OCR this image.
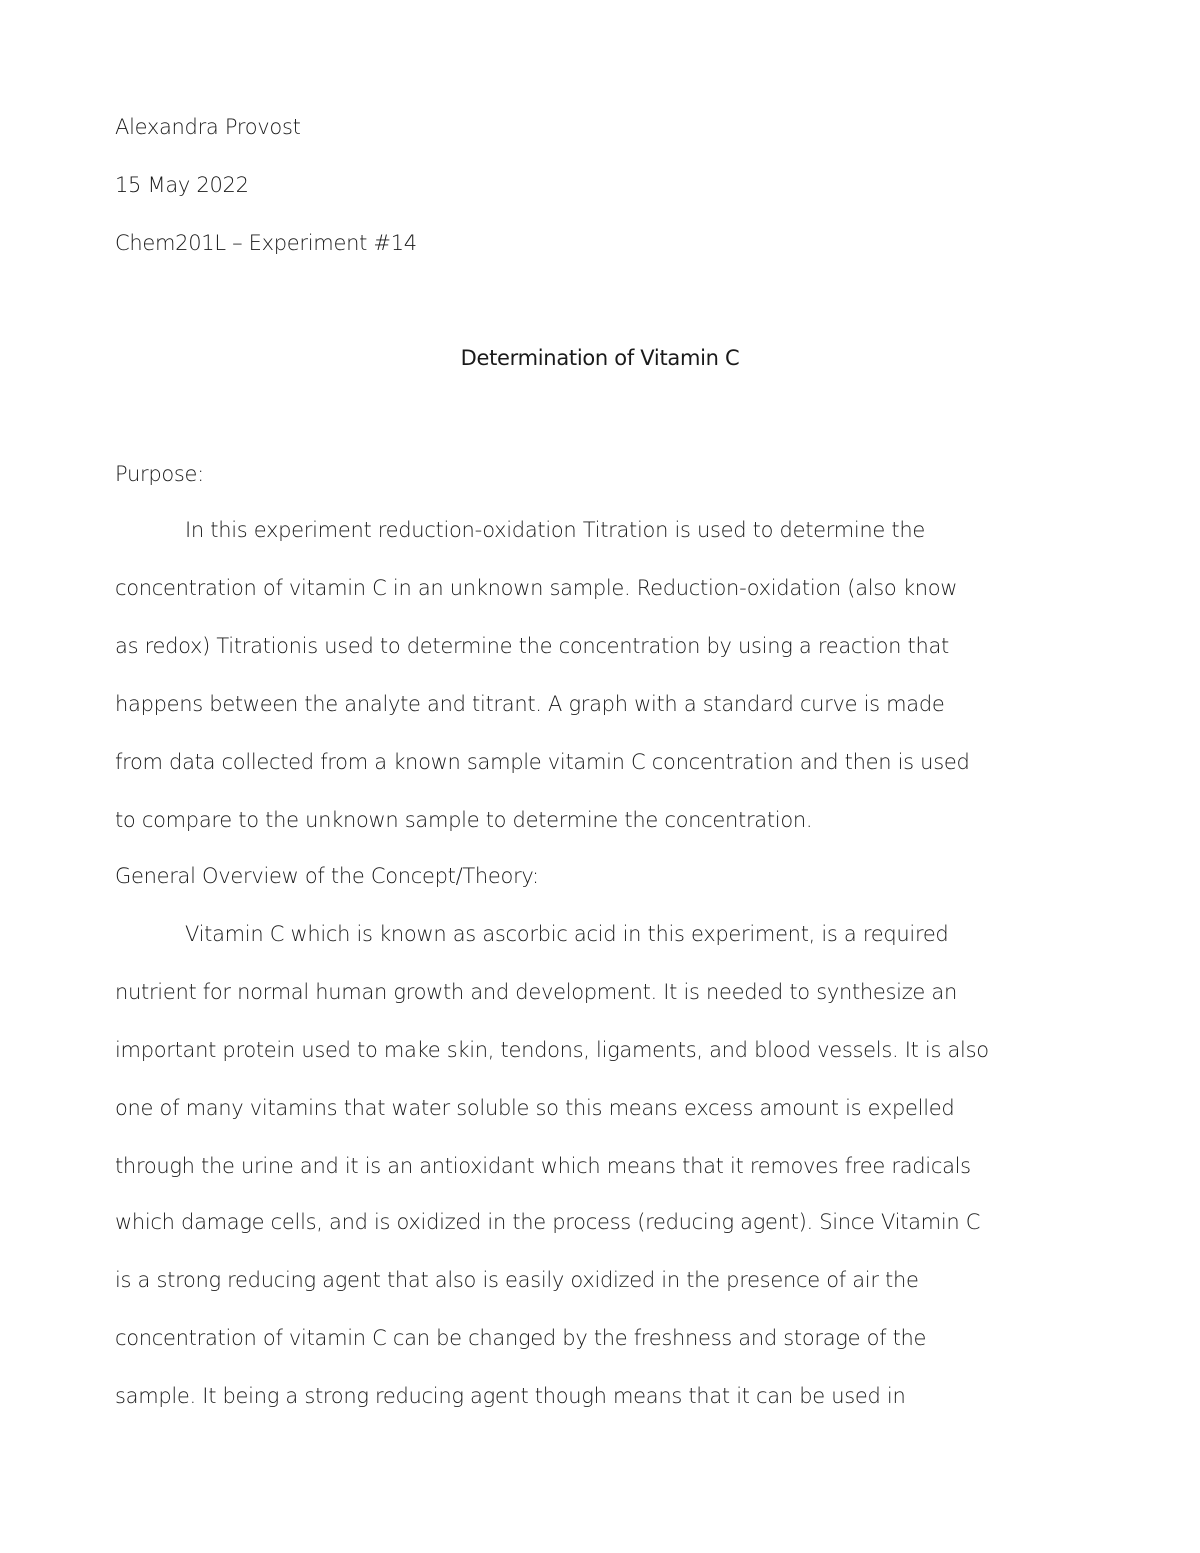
Alexandra Provost
15 May 2022
Chem201L – Experiment #14
Determination of Vitamin C
Purpose:
In this experiment reduction-oxidation Titration is used to determine the
concentration of vitamin C in an unknown sample. Reduction-oxidation (also know
as redox) Titrationis used to determine the concentration by using a reaction that
happens between the analyte and titrant. A graph with a standard curve is made
from data collected from a known sample vitamin C concentration and then is used
to compare to the unknown sample to determine the concentration.
General Overview of the Concept/Theory:
Vitamin C which is known as ascorbic acid in this experiment, is a required
nutrient for normal human growth and development. It is needed to synthesize an
important protein used to make skin, tendons, ligaments, and blood vessels. It is also
one of many vitamins that water soluble so this means excess amount is expelled
through the urine and it is an antioxidant which means that it removes free radicals
which damage cells, and is oxidized in the process (reducing agent). Since Vitamin C
is a strong reducing agent that also is easily oxidized in the presence of air the
concentration of vitamin C can be changed by the freshness and storage of the
sample. It being a strong reducing agent though means that it can be used in
